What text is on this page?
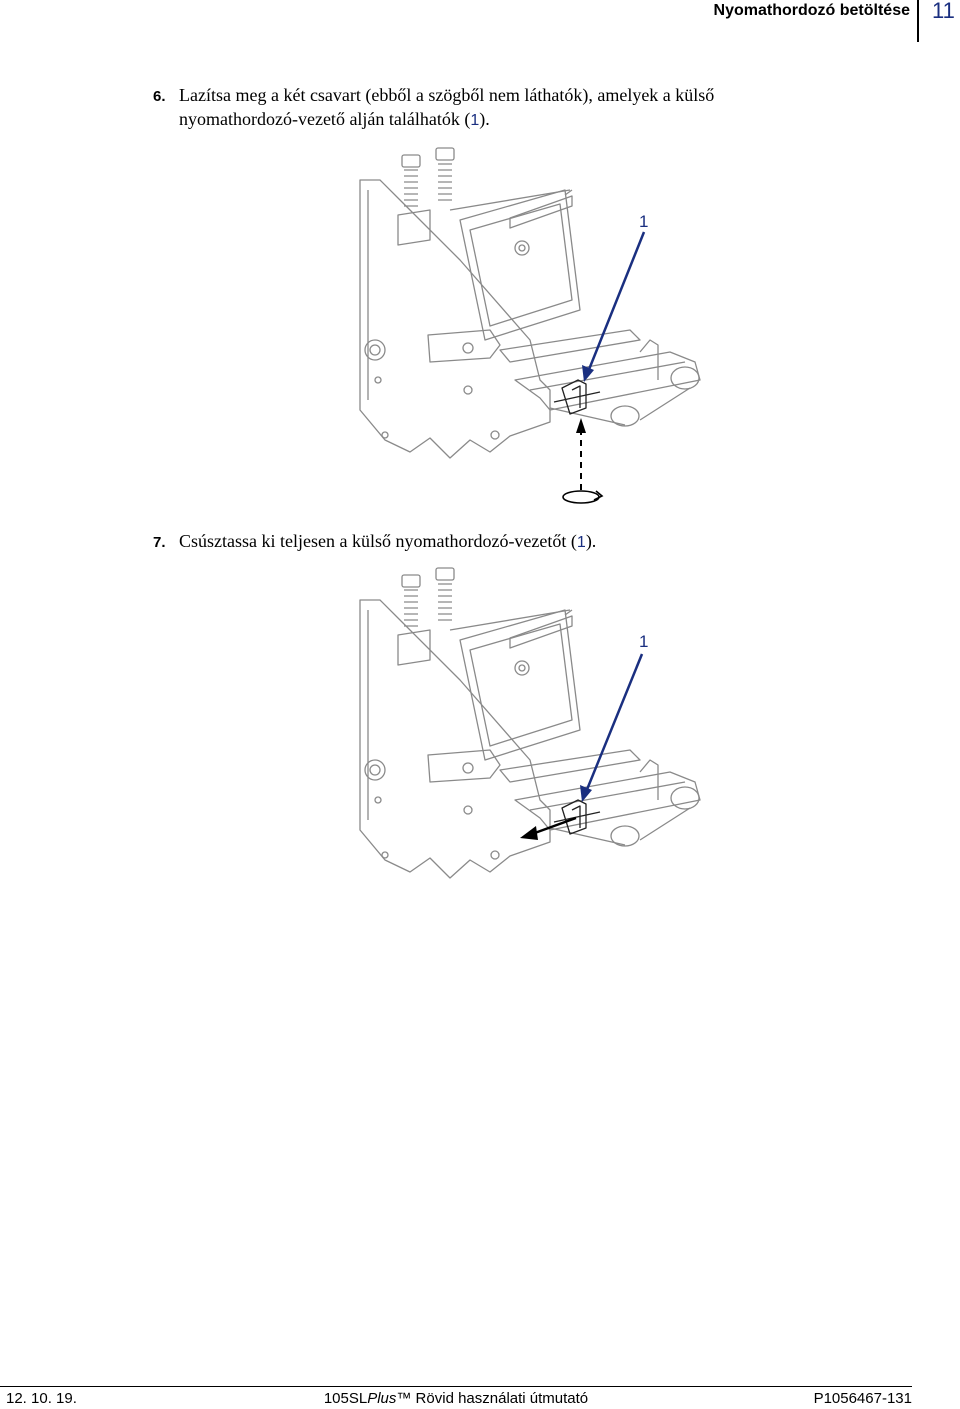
Nyomathordozó betöltése 11
6. Lazítsa meg a két csavart (ebből a szögből nem láthatók), amelyek a külső
nyomathordozó-vezető alján találhatók (1).
1
7. Csúsztassa ki teljesen a külső nyomathordozó-vezetőt (1).
1
12. 10. 19.	105SLPlus™ Rövid használati útmutató	P1056467-131
